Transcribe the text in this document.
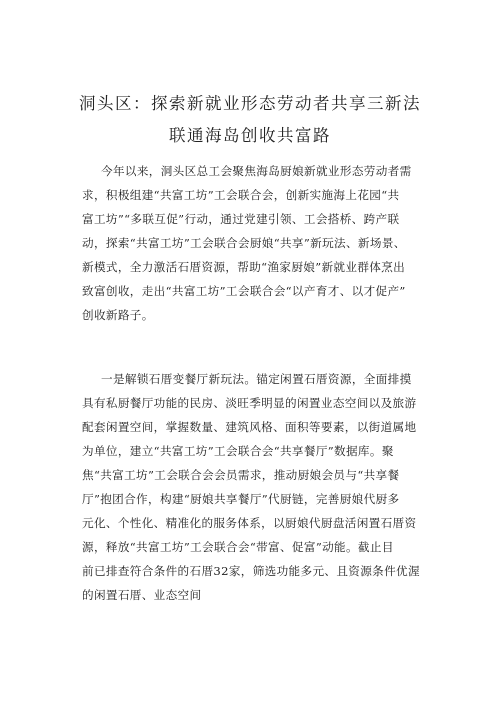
洞头区：探索新就业形态劳动者共享三新法
联通海岛创收共富路
今年以来，洞头区总工会聚焦海岛厨娘新就业形态劳动者需
求，积极组建“共富工坊”工会联合会，创新实施海上花园“共
富工坊”“多联互促”行动，通过党建引领、工会搭桥、跨产联
动，探索“共富工坊”工会联合会厨娘“共享”新玩法、新场景、
新模式，全力激活石厝资源，帮助“渔家厨娘”新就业群体烹出
致富创收，走出“共富工坊”工会联合会“以产育才、以才促产”
创收新路子。
一是解锁石厝变餐厅新玩法。锚定闲置石厝资源，全面排摸
具有私厨餐厅功能的民房、淡旺季明显的闲置业态空间以及旅游
配套闲置空间，掌握数量、建筑风格、面积等要素，以街道属地
为单位，建立“共富工坊”工会联合会“共享餐厅”数据库。聚
焦“共富工坊”工会联合会会员需求，推动厨娘会员与“共享餐
厅”抱团合作，构建“厨娘共享餐厅”代厨链，完善厨娘代厨多
元化、个性化、精准化的服务体系，以厨娘代厨盘活闲置石厝资
源，释放“共富工坊”工会联合会“带富、促富”动能。截止目
前已排查符合条件的石厝32家，筛选功能多元、且资源条件优渥
的闲置石厝、业态空间
